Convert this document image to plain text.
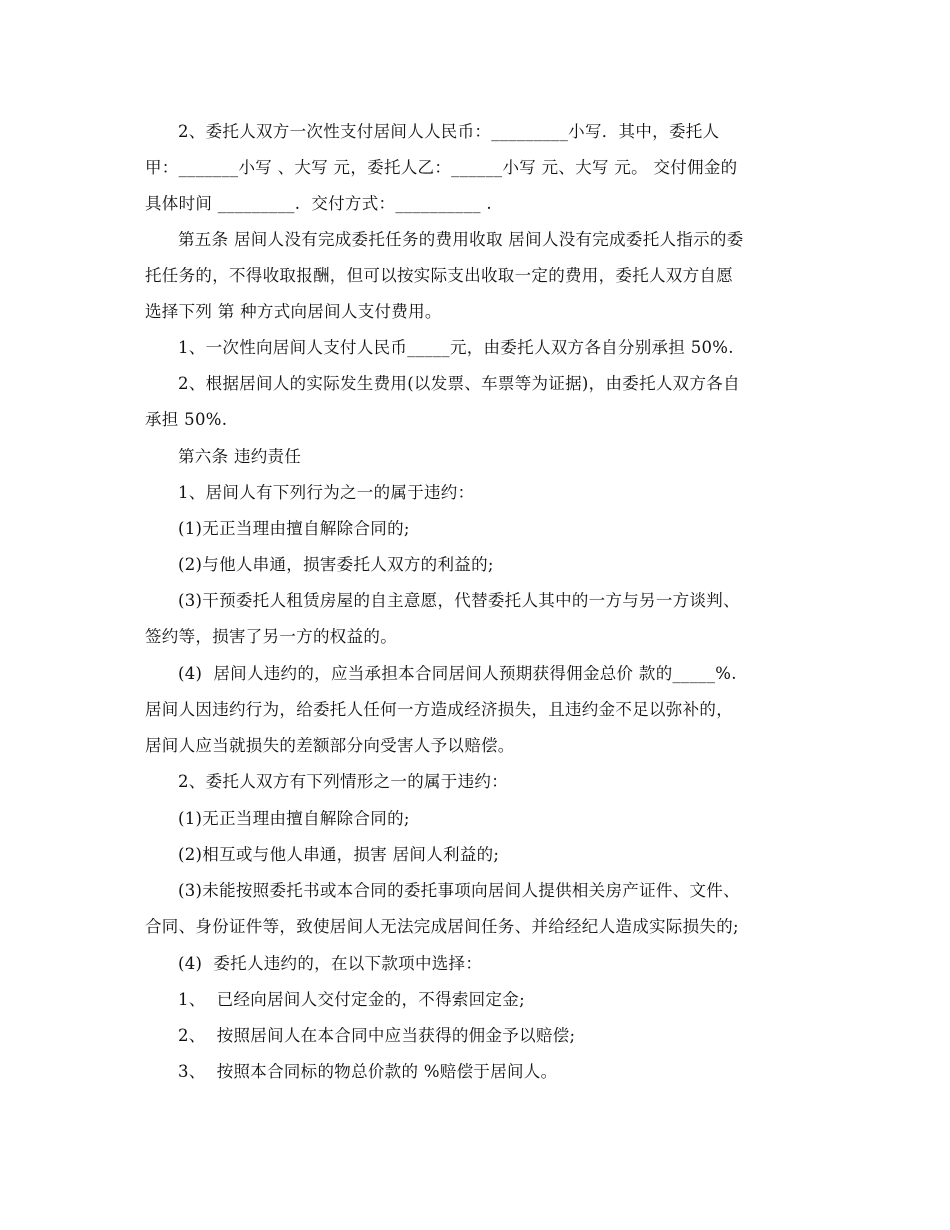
2、委托人双方一次性支付居间人人民币：_________小写．其中，委托人
甲：_______小写 、大写 元，委托人乙：______小写 元、大写 元。 交付佣金的
具体时间 _________.  交付方式：__________ .
第五条 居间人没有完成委托任务的费用收取 居间人没有完成委托人指示的委
托任务的，不得收取报酬，但可以按实际支出收取一定的费用，委托人双方自愿
选择下列 第 种方式向居间人支付费用。
1、一次性向居间人支付人民币_____元，由委托人双方各自分别承担 50%.
2、根据居间人的实际发生费用(以发票、车票等为证据)，由委托人双方各自
承担 50%.
第六条 违约责任
1、居间人有下列行为之一的属于违约：
(1)无正当理由擅自解除合同的;
(2)与他人串通，损害委托人双方的利益的;
(3)干预委托人租赁房屋的自主意愿，代替委托人其中的一方与另一方谈判、
签约等，损害了另一方的权益的。
(4)  居间人违约的，应当承担本合同居间人预期获得佣金总价 款的_____%.
居间人因违约行为，给委托人任何一方造成经济损失，且违约金不足以弥补的，
居间人应当就损失的差额部分向受害人予以赔偿。
2、委托人双方有下列情形之一的属于违约：
(1)无正当理由擅自解除合同的;
(2)相互或与他人串通，损害 居间人利益的;
(3)未能按照委托书或本合同的委托事项向居间人提供相关房产证件、文件、
合同、身份证件等，致使居间人无法完成居间任务、并给经纪人造成实际损失的;
(4)  委托人违约的，在以下款项中选择：
1、  已经向居间人交付定金的，不得索回定金;
2、  按照居间人在本合同中应当获得的佣金予以赔偿;
3、  按照本合同标的物总价款的 %赔偿于居间人。
